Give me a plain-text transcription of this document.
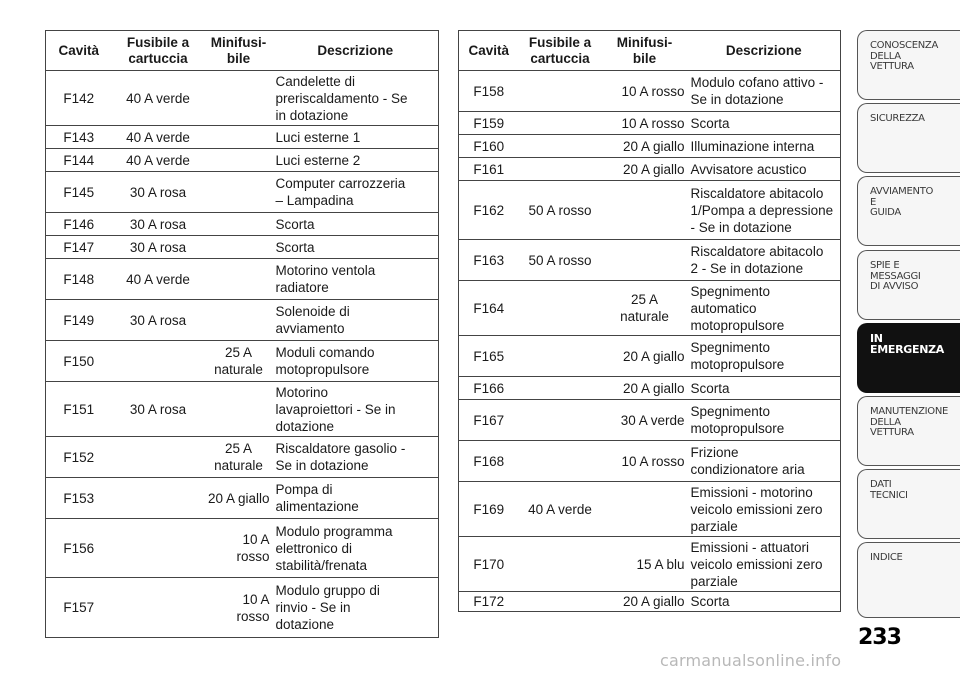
Cavità	Fusibile a
cartuccia	Minifusi-
bile	Descrizione
F142	40 A verde		Candelette di
preriscaldamento - Se
in dotazione
F143	40 A verde		Luci esterne 1
F144	40 A verde		Luci esterne 2
F145	30 A rosa		Computer carrozzeria
– Lampadina
F146	30 A rosa		Scorta
F147	30 A rosa		Scorta
F148	40 A verde		Motorino ventola
radiatore
F149	30 A rosa		Solenoide di
avviamento
F150		25 A
naturale	Moduli comando
motopropulsore
F151	30 A rosa		Motorino
lavaproiettori - Se in
dotazione
F152		25 A
naturale	Riscaldatore gasolio -
Se in dotazione
F153		20 A giallo	Pompa di
alimentazione
F156		10 A rosso	Modulo programma
elettronico di
stabilità/frenata
F157		10 A rosso	Modulo gruppo di
rinvio - Se in
dotazione
Cavità	Fusibile a
cartuccia	Minifusi-
bile	Descrizione
F158		10 A rosso	Modulo cofano attivo -
Se in dotazione
F159		10 A rosso	Scorta
F160		20 A giallo	Illuminazione interna
F161		20 A giallo	Avvisatore acustico
F162	50 A rosso		Riscaldatore abitacolo
1/Pompa a depressione
- Se in dotazione
F163	50 A rosso		Riscaldatore abitacolo
2 - Se in dotazione
F164		25 A
naturale	Spegnimento
automatico
motopropulsore
F165		20 A giallo	Spegnimento
motopropulsore
F166		20 A giallo	Scorta
F167		30 A verde	Spegnimento
motopropulsore
F168		10 A rosso	Frizione
condizionatore aria
F169	40 A verde		Emissioni - motorino
veicolo emissioni zero
parziale
F170		15 A blu	Emissioni - attuatori
veicolo emissioni zero
parziale
F172		20 A giallo	Scorta
CONOSCENZA
DELLA
VETTURA
SICUREZZA
AVVIAMENTO
E
GUIDA
SPIE E
MESSAGGI
DI AVVISO
IN
EMERGENZA
MANUTENZIONE
DELLA
VETTURA
DATI
TECNICI
INDICE
233
carmanualsonline.info
